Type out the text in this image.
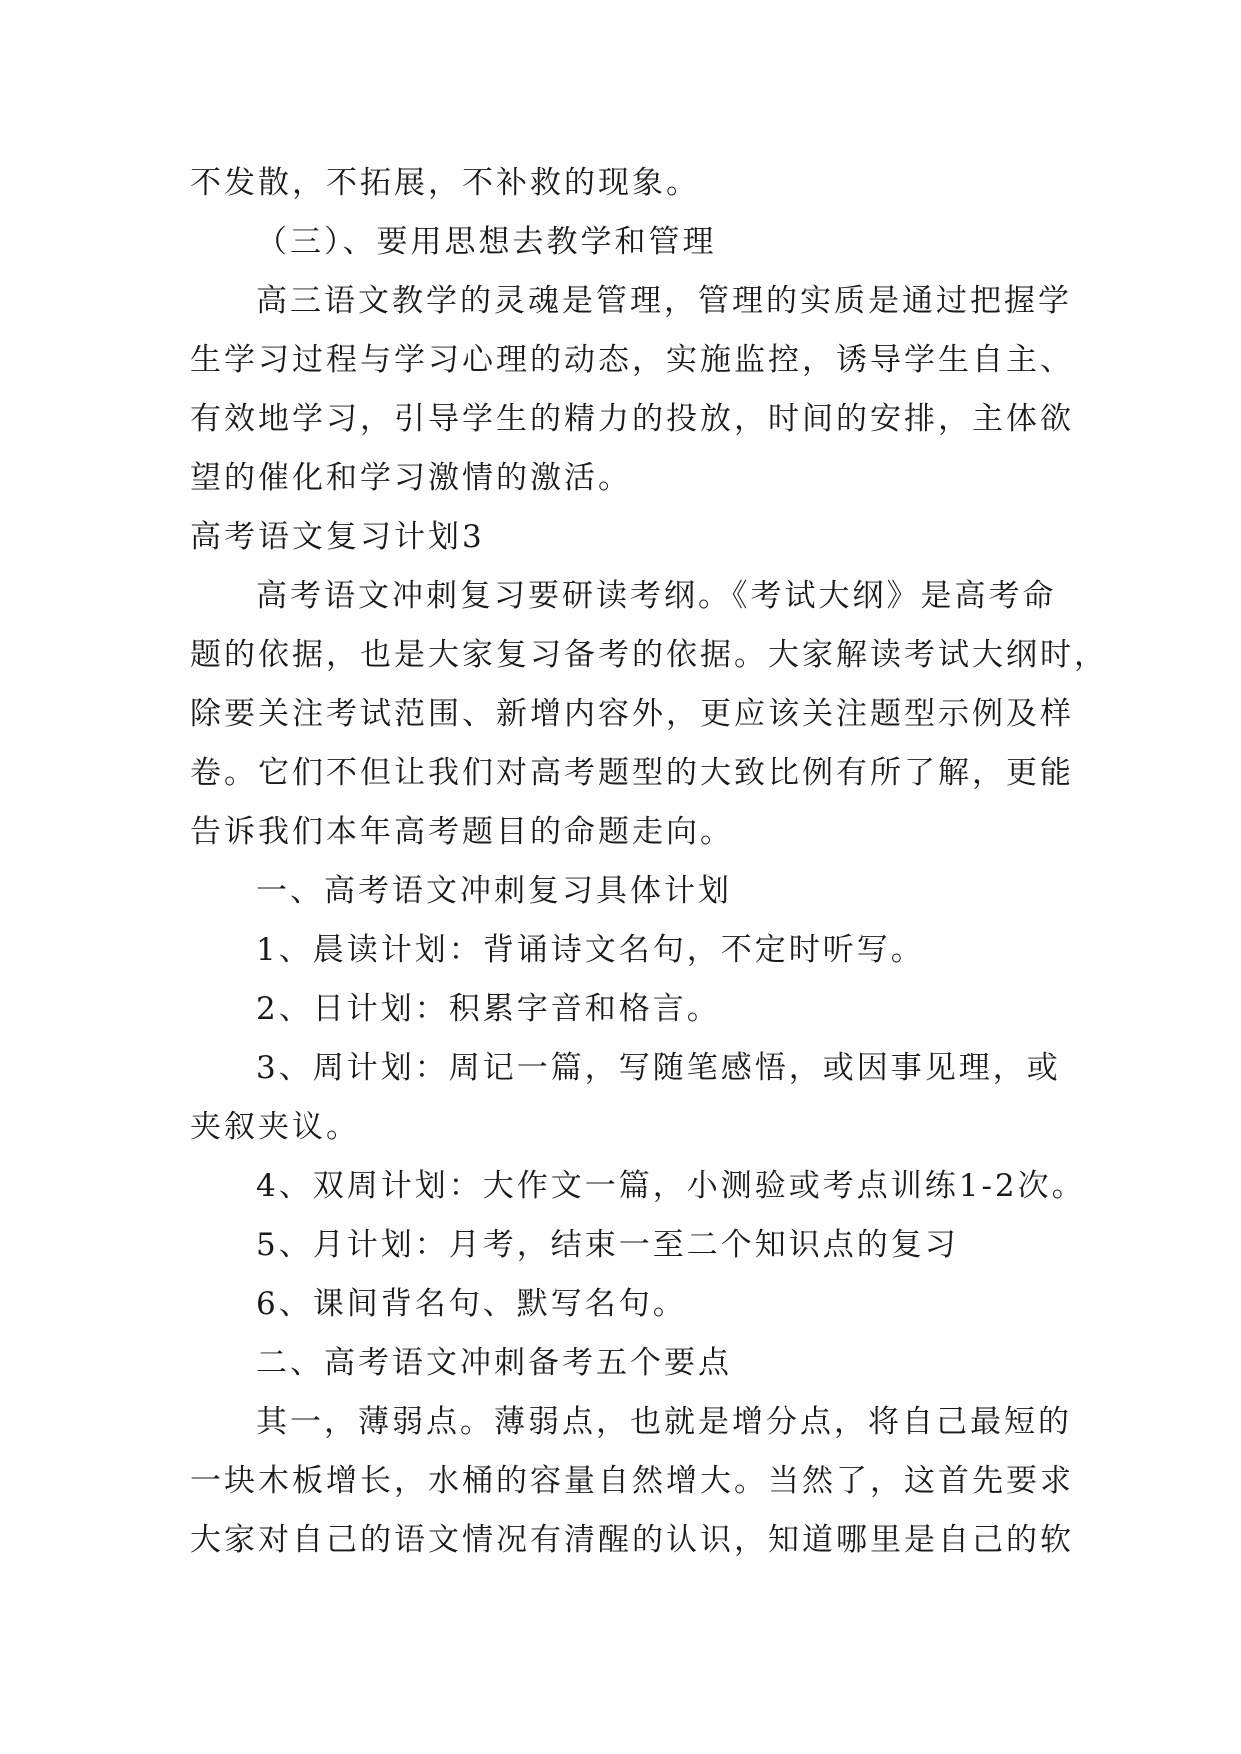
不发散，不拓展，不补救的现象。

（三）、要用思想去教学和管理

高三语文教学的灵魂是管理，管理的实质是通过把握学

生学习过程与学习心理的动态，实施监控，诱导学生自主、

有效地学习，引导学生的精力的投放，时间的安排，主体欲

望的催化和学习激情的激活。

高考语文复习计划3

高考语文冲刺复习要研读考纲。《考试大纲》是高考命

题的依据，也是大家复习备考的依据。大家解读考试大纲时，

除要关注考试范围、新增内容外，更应该关注题型示例及样

卷。它们不但让我们对高考题型的大致比例有所了解，更能

告诉我们本年高考题目的命题走向。

一、高考语文冲刺复习具体计划

1、晨读计划：背诵诗文名句，不定时听写。

2、日计划：积累字音和格言。

3、周计划：周记一篇，写随笔感悟，或因事见理，或

夹叙夹议。

4、双周计划：大作文一篇，小测验或考点训练1-2次。

5、月计划：月考，结束一至二个知识点的复习

6、课间背名句、默写名句。

二、高考语文冲刺备考五个要点

其一，薄弱点。薄弱点，也就是增分点，将自己最短的

一块木板增长，水桶的容量自然增大。当然了，这首先要求

大家对自己的语文情况有清醒的认识，知道哪里是自己的软
